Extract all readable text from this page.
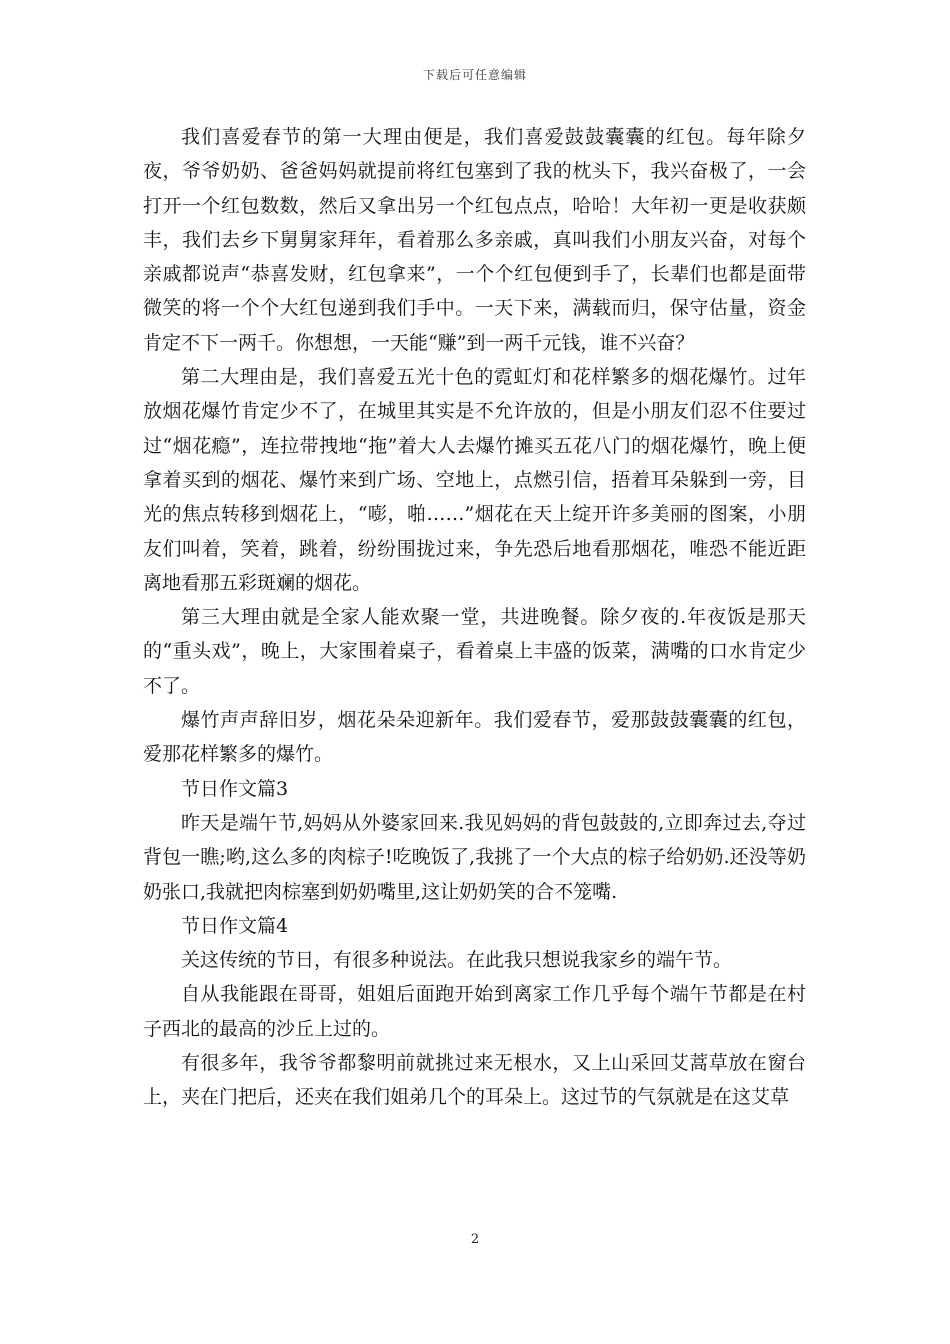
下载后可任意编辑

我们喜爱春节的第一大理由便是，我们喜爱鼓鼓囊囊的红包。每年除夕夜，爷爷奶奶、爸爸妈妈就提前将红包塞到了我的枕头下，我兴奋极了，一会打开一个红包数数，然后又拿出另一个红包点点，哈哈！大年初一更是收获颇丰，我们去乡下舅舅家拜年，看着那么多亲戚，真叫我们小朋友兴奋，对每个亲戚都说声“恭喜发财，红包拿来”，一个个红包便到手了，长辈们也都是面带微笑的将一个个大红包递到我们手中。一天下来，满载而归，保守估量，资金肯定不下一两千。你想想，一天能“赚”到一两千元钱，谁不兴奋？

第二大理由是，我们喜爱五光十色的霓虹灯和花样繁多的烟花爆竹。过年放烟花爆竹肯定少不了，在城里其实是不允许放的，但是小朋友们忍不住要过过“烟花瘾”，连拉带拽地“拖”着大人去爆竹摊买五花八门的烟花爆竹，晚上便拿着买到的烟花、爆竹来到广场、空地上，点燃引信，捂着耳朵躲到一旁，目光的焦点转移到烟花上，“嘭，啪……”烟花在天上绽开许多美丽的图案，小朋友们叫着，笑着，跳着，纷纷围拢过来，争先恐后地看那烟花，唯恐不能近距离地看那五彩斑斓的烟花。

第三大理由就是全家人能欢聚一堂，共进晚餐。除夕夜的.年夜饭是那天的“重头戏”，晚上，大家围着桌子，看着桌上丰盛的饭菜，满嘴的口水肯定少不了。

爆竹声声辞旧岁，烟花朵朵迎新年。我们爱春节，爱那鼓鼓囊囊的红包，爱那花样繁多的爆竹。

节日作文篇3

昨天是端午节,妈妈从外婆家回来.我见妈妈的背包鼓鼓的,立即奔过去,夺过背包一瞧;哟,这么多的肉棕子!吃晚饭了,我挑了一个大点的棕子给奶奶.还没等奶奶张口,我就把肉棕塞到奶奶嘴里,这让奶奶笑的合不笼嘴.

节日作文篇4

关这传统的节日，有很多种说法。在此我只想说我家乡的端午节。

自从我能跟在哥哥，姐姐后面跑开始到离家工作几乎每个端午节都是在村子西北的最高的沙丘上过的。

有很多年，我爷爷都黎明前就挑过来无根水，又上山采回艾蒿草放在窗台上，夹在门把后，还夹在我们姐弟几个的耳朵上。这过节的气氛就是在这艾草

2
